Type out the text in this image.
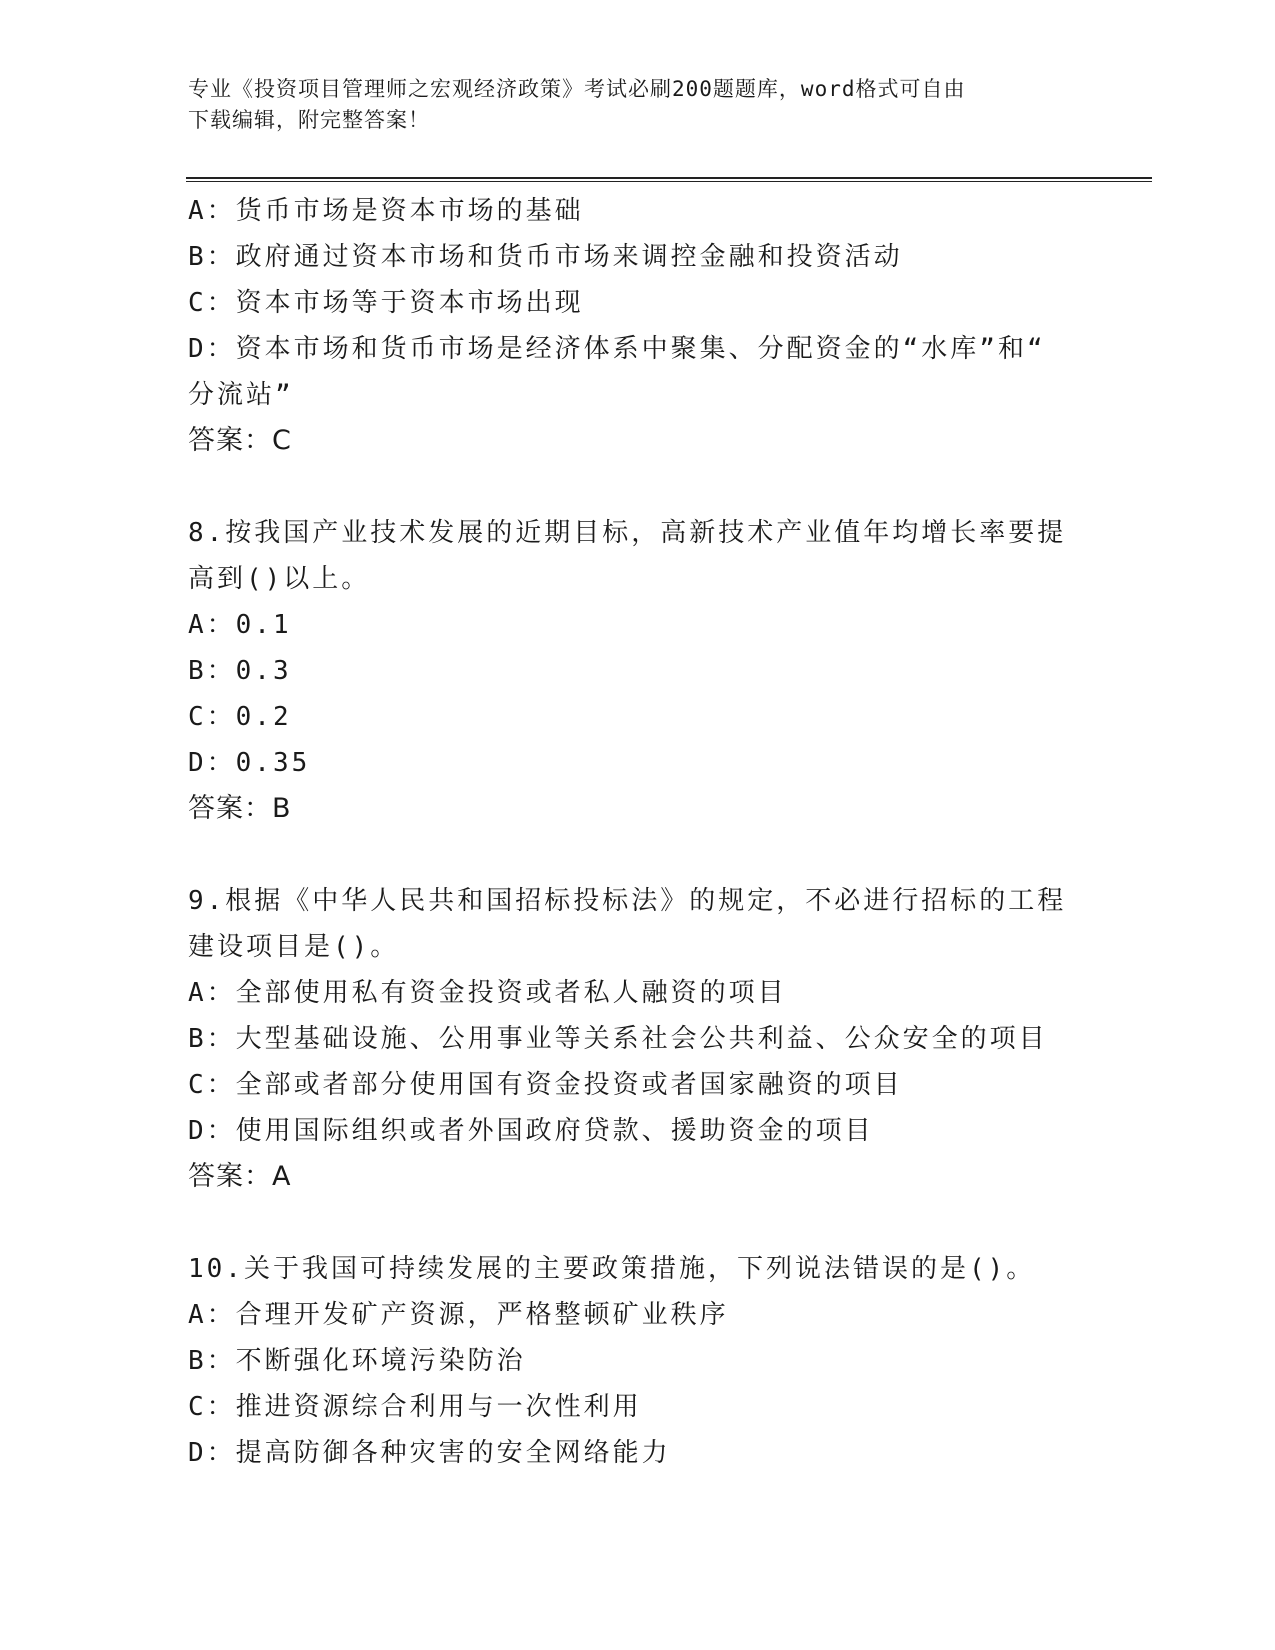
专业《投资项目管理师之宏观经济政策》考试必刷200题题库，word格式可自由
下载编辑，附完整答案！
A：货币市场是资本市场的基础
B：政府通过资本市场和货币市场来调控金融和投资活动
C：资本市场等于资本市场出现
D：资本市场和货币市场是经济体系中聚集、分配资金的“水库”和“
分流站”
答案：C
8.按我国产业技术发展的近期目标，高新技术产业值年均增长率要提
高到()以上。
A：0.1
B：0.3
C：0.2
D：0.35
答案：B
9.根据《中华人民共和国招标投标法》的规定，不必进行招标的工程
建设项目是()。
A：全部使用私有资金投资或者私人融资的项目
B：大型基础设施、公用事业等关系社会公共利益、公众安全的项目
C：全部或者部分使用国有资金投资或者国家融资的项目
D：使用国际组织或者外国政府贷款、援助资金的项目
答案：A
10.关于我国可持续发展的主要政策措施，下列说法错误的是()。
A：合理开发矿产资源，严格整顿矿业秩序
B：不断强化环境污染防治
C：推进资源综合利用与一次性利用
D：提高防御各种灾害的安全网络能力
